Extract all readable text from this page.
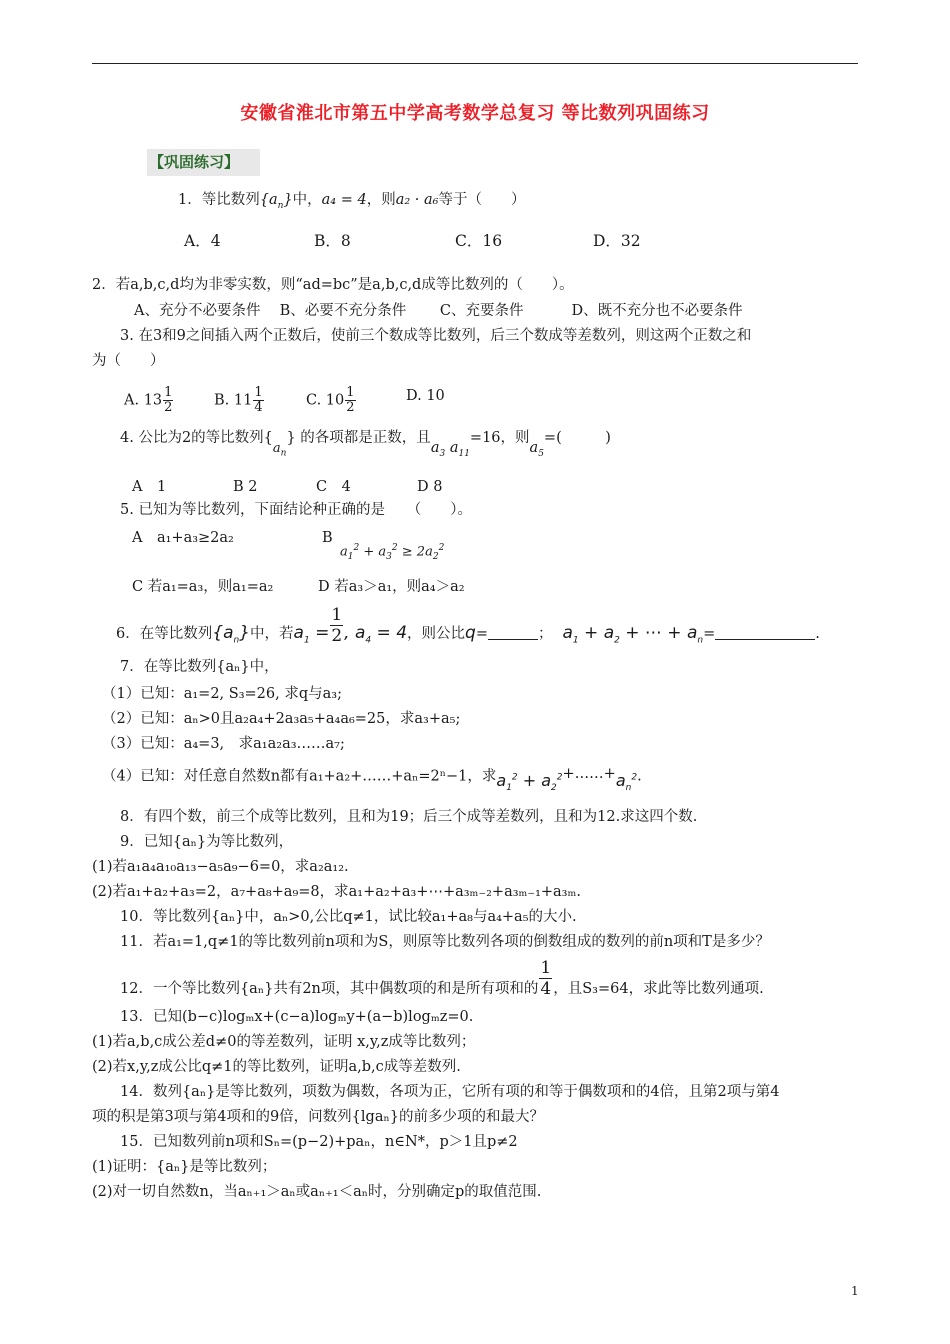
安徽省淮北市第五中学高考数学总复习 等比数列巩固练习
【巩固练习】
1．等比数列$\{a_n\}$中，a₄ = 4，则a₂ · a₆等于（　　）
A．4	B．8	C．16	D．32
2．若a,b,c,d均为非零实数，则“ad=bc”是a,b,c,d成等比数列的（　　）。
A、充分不必要条件　 B、必要不充分条件　　 C、充要条件　　　 D、既不充分也不必要条件
3. 在3和9之间插入两个正数后，使前三个数成等比数列，后三个数成等差数列，则这两个正数之和
为（　　）
A. $13 \frac{1}{2}$	B. $11 \frac{1}{4}$	C. $10 \frac{1}{2}$	D. 10
4. 公比为2的等比数列$\{a_n\}$ 的各项都是正数，且$a_3$ $a_{11}=16$，则$a_5=$(　　　)
A　1	B 2	C　4	D 8
5. 已知为等比数列，下面结论种正确的是　　（　　）。
A　a₁+a₃≥2a₂	B
$a_1^2 + a_3^2 \ge 2a_2^2$
C 若a₁=a₃，则a₁=a₂	D 若a₃＞a₁，则a₄＞a₂
6．在等比数列$\{a_n\}$中，若$a_1 = \frac{1}{2}$ , $a_4 = 4$，则公比q=	； $a_1 + a_2$ + ⋯ + $a_n=$	.
7．在等比数列{aₙ}中，
（1）已知：a₁=2, S₃=26, 求q与a₃;
（2）已知：aₙ>0且a₂a₄+2a₃a₅+a₄a₆=25，求a₃+a₅;
（3）已知：a₄=3,　求a₁a₂a₃……a₇;
（4）已知：对任意自然数n都有a₁+a₂+……+aₙ=2ⁿ−1，求$a_1^2$ + $a_2^2+\dots\dots+a_n^2$.
8．有四个数，前三个成等比数列，且和为19；后三个成等差数列，且和为12.求这四个数.
9．已知{aₙ}为等比数列，
(1)若a₁a₄a₁₀a₁₃−a₅a₉−6=0，求a₂a₁₂.
(2)若a₁+a₂+a₃=2，a₇+a₈+a₉=8，求a₁+a₂+a₃+⋯+a₃ₘ₋₂+a₃ₘ₋₁+a₃ₘ.
10．等比数列{aₙ}中，aₙ>0,公比q≠1，试比较a₁+a₈与a₄+a₅的大小.
11．若a₁=1,q≠1的等比数列前n项和为S，则原等比数列各项的倒数组成的数列的前n项和T是多少？
12．一个等比数列{aₙ}共有2n项，其中偶数项的和是所有项和的 $\frac{1}{4}$ ，且S₃=64，求此等比数列通项.
13．已知(b−c)logₘx+(c−a)logₘy+(a−b)logₘz=0.
(1)若a,b,c成公差d≠0的等差数列，证明 x,y,z成等比数列；
(2)若x,y,z成公比q≠1的等比数列，证明a,b,c成等差数列.
14．数列{aₙ}是等比数列，项数为偶数，各项为正，它所有项的和等于偶数项和的4倍，且第2项与第4
项的积是第3项与第4项和的9倍，问数列{lgaₙ}的前多少项的和最大？
15．已知数列前n项和Sₙ=(p−2)+paₙ，n∈N*，p＞1且p≠2
(1)证明：{aₙ}是等比数列；
(2)对一切自然数n，当aₙ₊₁＞aₙ或aₙ₊₁＜aₙ时，分别确定p的取值范围.
1
